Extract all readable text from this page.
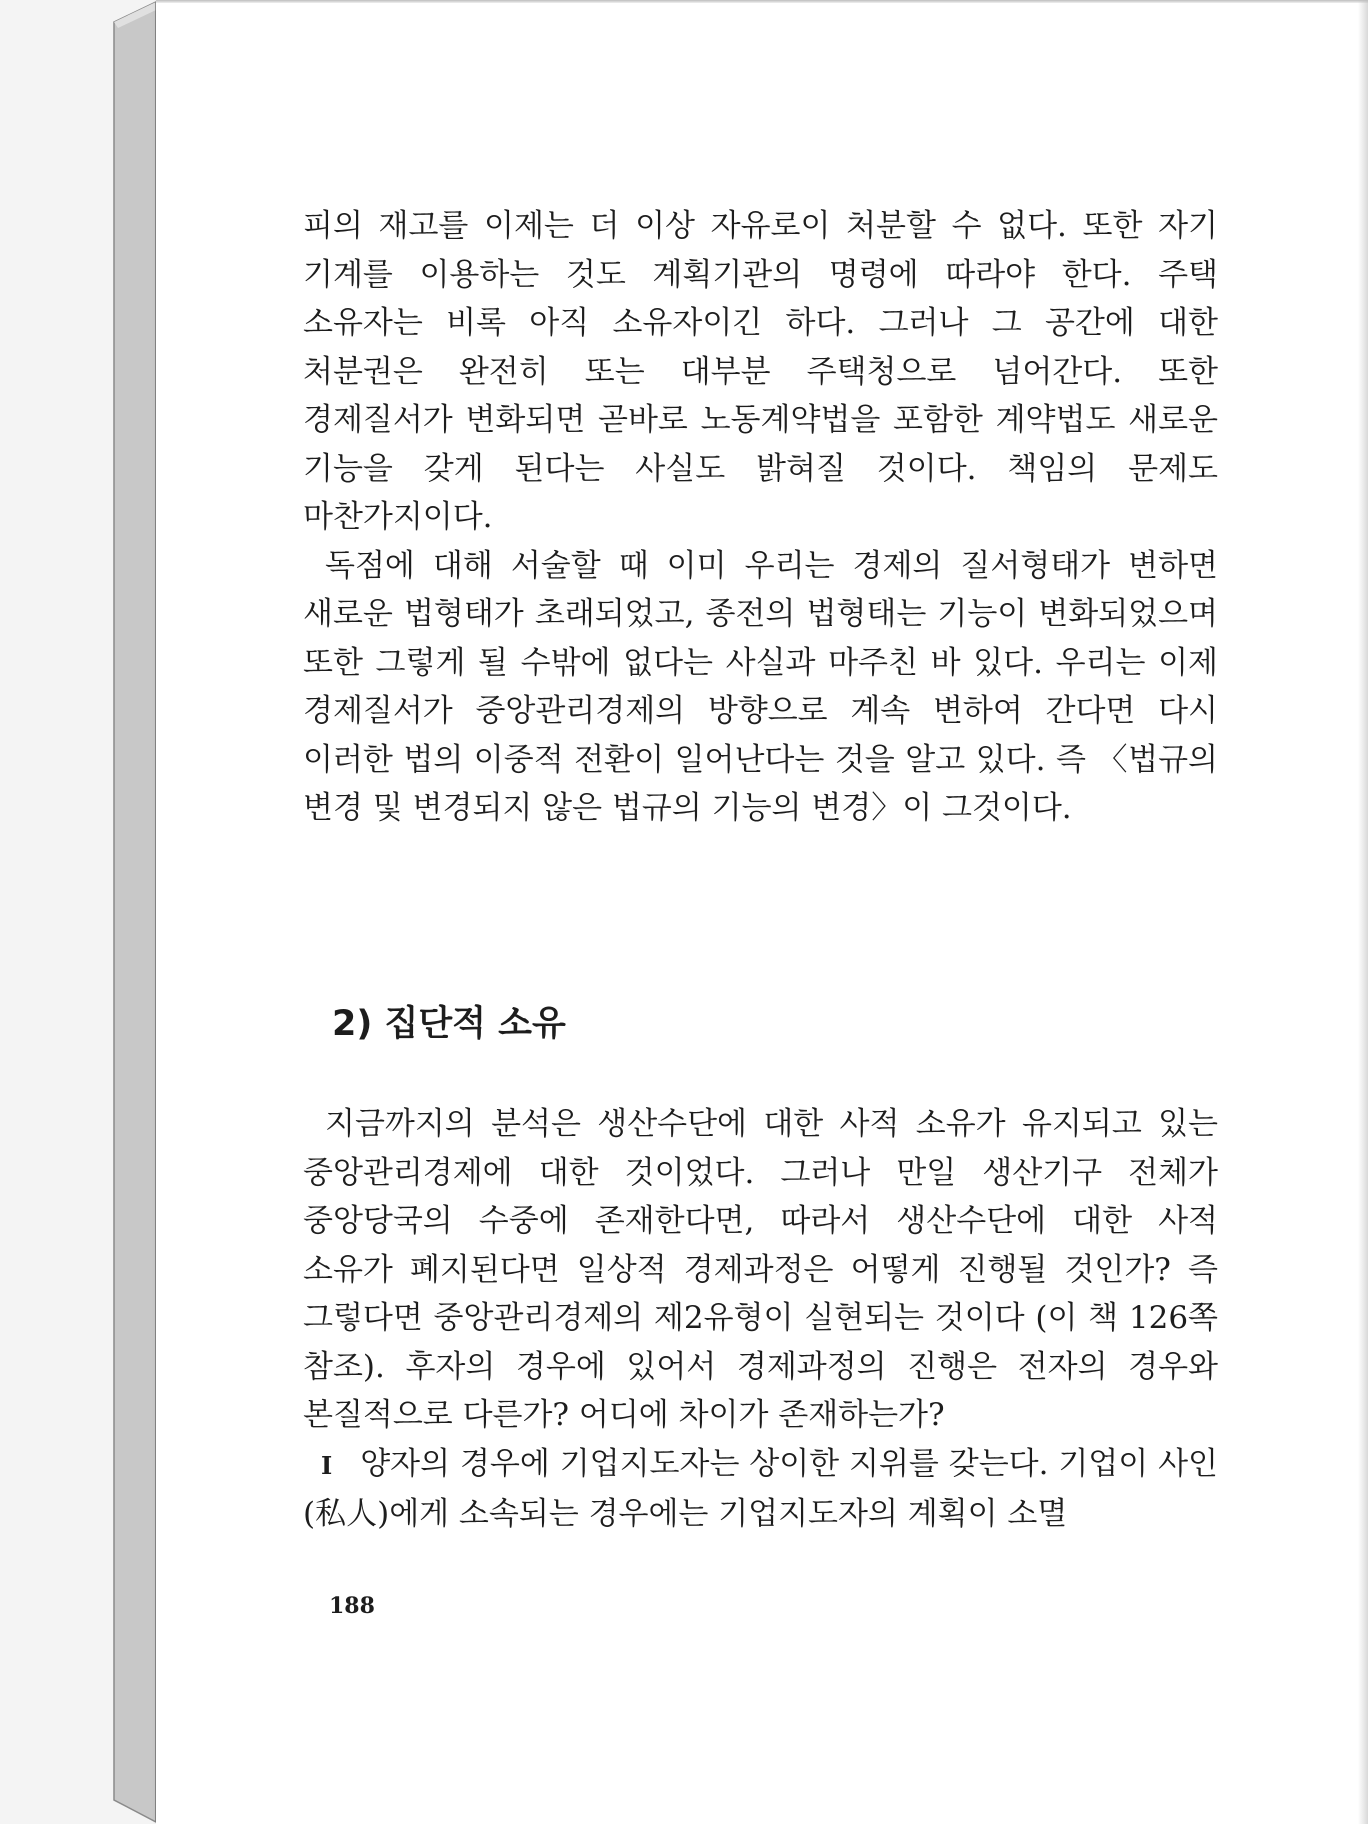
피의 재고를 이제는 더 이상 자유로이 처분할 수 없다. 또한 자기 기계를 이용하는 것도 계획기관의 명령에 따라야 한다. 주택 소유자는 비록 아직 소유자이긴 하다. 그러나 그 공간에 대한 처분권은 완전히 또는 대부분 주택청으로 넘어간다. 또한 경제질서가 변화되면 곧바로 노동계약법을 포함한 계약법도 새로운 기능을 갖게 된다는 사실도 밝혀질 것이다. 책임의 문제도 마찬가지이다.

독점에 대해 서술할 때 이미 우리는 경제의 질서형태가 변하면 새로운 법형태가 초래되었고, 종전의 법형태는 기능이 변화되었으며 또한 그렇게 될 수밖에 없다는 사실과 마주친 바 있다. 우리는 이제 경제질서가 중앙관리경제의 방향으로 계속 변하여 간다면 다시 이러한 법의 이중적 전환이 일어난다는 것을 알고 있다. 즉 〈법규의 변경 및 변경되지 않은 법규의 기능의 변경〉이 그것이다.

2) 집단적 소유

지금까지의 분석은 생산수단에 대한 사적 소유가 유지되고 있는 중앙관리경제에 대한 것이었다. 그러나 만일 생산기구 전체가 중앙당국의 수중에 존재한다면, 따라서 생산수단에 대한 사적 소유가 폐지된다면 일상적 경제과정은 어떻게 진행될 것인가? 즉 그렇다면 중앙관리경제의 제2유형이 실현되는 것이다 (이 책 126쪽 참조). 후자의 경우에 있어서 경제과정의 진행은 전자의 경우와 본질적으로 다른가? 어디에 차이가 존재하는가?

I 양자의 경우에 기업지도자는 상이한 지위를 갖는다. 기업이 사인(私人)에게 소속되는 경우에는 기업지도자의 계획이 소멸

188
